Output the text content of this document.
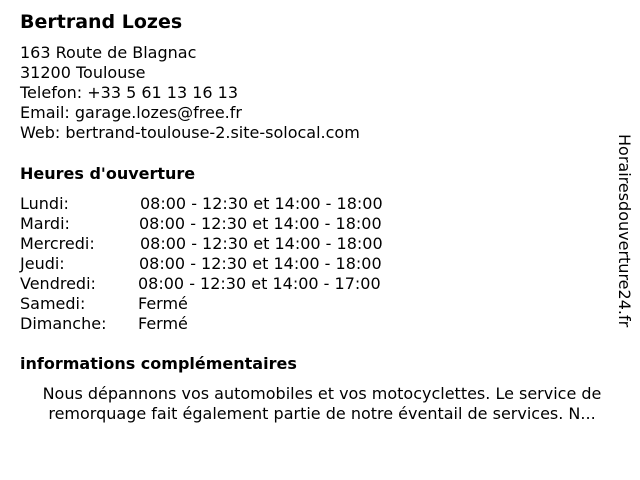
Bertrand Lozes
163 Route de Blagnac
31200 Toulouse
Telefon: +33 5 61 13 16 13
Email: garage.lozes@free.fr
Web: bertrand-toulouse-2.site-solocal.com
Heures d'ouverture
Lundi:	08:00 - 12:30 et 14:00 - 18:00
Mardi:	08:00 - 12:30 et 14:00 - 18:00
Mercredi:	08:00 - 12:30 et 14:00 - 18:00
Jeudi:	08:00 - 12:30 et 14:00 - 18:00
Vendredi:	08:00 - 12:30 et 14:00 - 17:00
Samedi:	Fermé
Dimanche: Fermé
informations complémentaires
Nous dépannons vos automobiles et vos motocyclettes. Le service de
remorquage fait également partie de notre éventail de services. N...
Horairesdouverture24.fr
